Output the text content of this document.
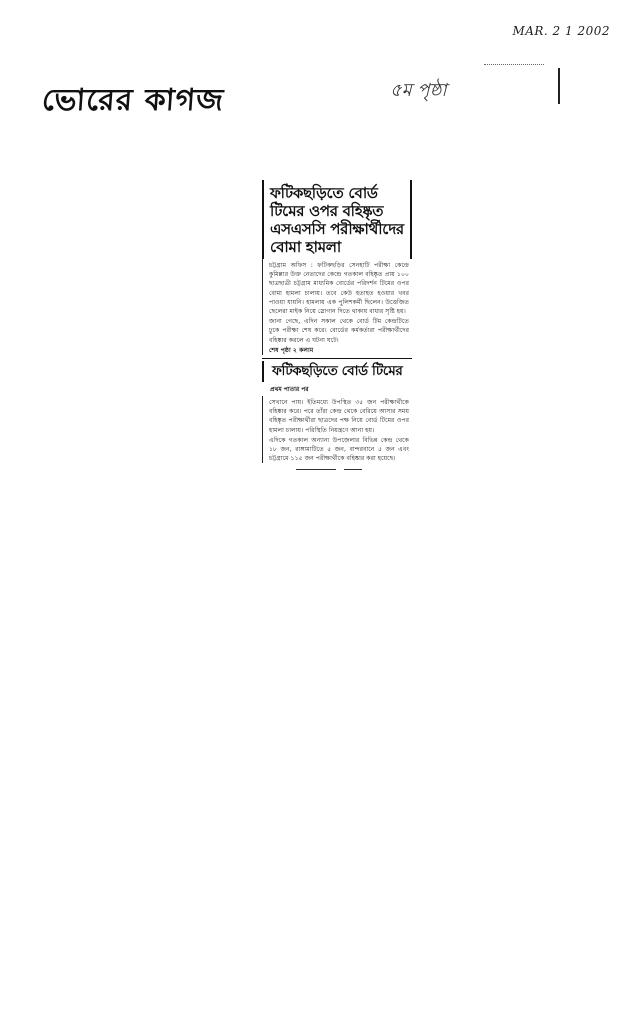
MAR. 2 1 2002
ভোরের কাগজ	৫ম পৃষ্ঠা
ফটিকছড়িতে বোর্ড টিমের ওপর বহিষ্কৃত এসএসসি পরীক্ষার্থীদের বোমা হামলা

চট্টগ্রাম অফিস : ফটিকছড়ির সেনহাটি পরীক্ষা কেন্দ্রে কুমিল্লার উক্ত নেতাদের কেন্দ্রে গতকাল বহিষ্কৃত প্রায় ১০০ ছাত্রছাত্রী চট্টগ্রাম মাধ্যমিক বোর্ডের পরিদর্শন টিমের ওপর বোমা হামলা চালায়। তবে কেউ হতাহত হওয়ার খবর পাওয়া যায়নি। হামলায় এক পুলিশকর্মী ছিলেন। উত্তেজিত ছেলেরা মাইক নিয়ে স্লোগান দিতে থাকায় বাধার সৃষ্টি হয়।

জানা গেছে, এদিন সকাল থেকে বোর্ড টিম কেন্দ্রটিতে ঢুকে পরীক্ষা শেষ করে। বোর্ডের কর্মকর্তারা পরীক্ষার্থীদের বহিষ্কার করলে এ ঘটনা ঘটে।

শেষ পৃষ্ঠা ২ কলাম

ফটিকছড়িতে বোর্ড টিমের
প্রথম পাতার পর

সেখানে পায়। ইতিমধ্যে উপস্থিত ৩৫ জন পরীক্ষার্থীকে বহিষ্কার করে। পরে তাঁরা কেন্দ্র থেকে বেরিয়ে আসার সময় বহিষ্কৃত পরীক্ষার্থীরা ছাত্রদের পক্ষ নিয়ে বোর্ড টিমের ওপর হামলা চালায়। পরিস্থিতি নিয়ন্ত্রণে আনা হয়।

এদিকে গতকাল অন্যান্য উপজেলার বিভিন্ন কেন্দ্র থেকে ১৮ জন, রাঙ্গামাটিতে ৫ জন, বান্দরবানে ৫ জন এবং চট্টগ্রামে ১১৫ জন পরীক্ষার্থীকে বহিষ্কার করা হয়েছে।
